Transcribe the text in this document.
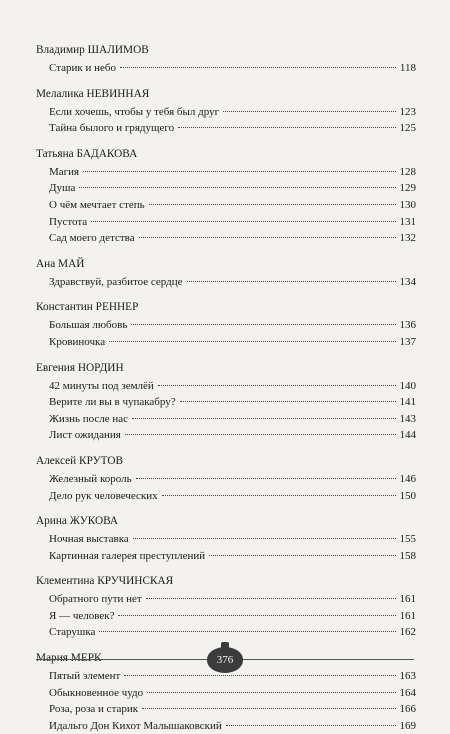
Владимир ШАЛИМОВ
Старик и небо	118
Мелалика НЕВИННАЯ
Если хочешь, чтобы у тебя был друг	123
Тайна былого и грядущего	125
Татьяна БАДАКОВА
Магия	128
Душа	129
О чём мечтает степь	130
Пустота	131
Сад моего детства	132
Ана МАЙ
Здравствуй, разбитое сердце	134
Константин РЕННЕР
Большая любовь	136
Кровиночка	137
Евгения НОРДИН
42 минуты под землёй	140
Верите ли вы в чупакабру?	141
Жизнь после нас	143
Лист ожидания	144
Алексей КРУТОВ
Железный король	146
Дело рук человеческих	150
Арина ЖУКОВА
Ночная выставка	155
Картинная галерея преступлений	158
Клементина КРУЧИНСКАЯ
Обратного пути нет	161
Я — человек?	161
Старушка	162
Пятый элемент	163
Обыкновенное чудо	164
Роза, роза и старик	166
Идальго Дон Кихот Малышаковский	169
376
